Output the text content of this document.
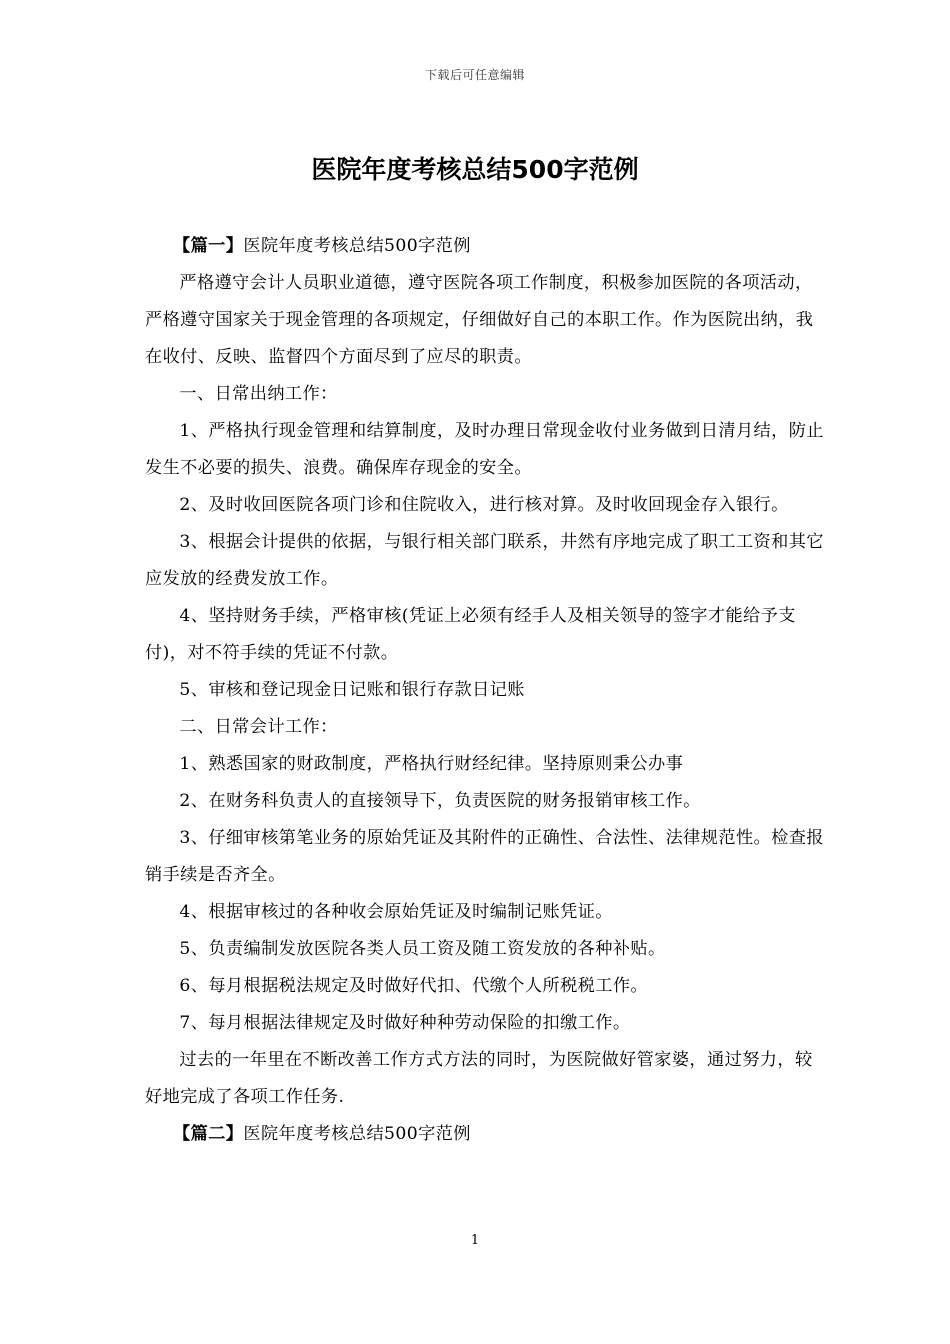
下载后可任意编辑
医院年度考核总结500字范例

【篇一】医院年度考核总结500字范例

严格遵守会计人员职业道德，遵守医院各项工作制度，积极参加医院的各项活动，严格遵守国家关于现金管理的各项规定，仔细做好自己的本职工作。作为医院出纳，我在收付、反映、监督四个方面尽到了应尽的职责。

一、日常出纳工作：

1、严格执行现金管理和结算制度，及时办理日常现金收付业务做到日清月结，防止发生不必要的损失、浪费。确保库存现金的安全。

2、及时收回医院各项门诊和住院收入，进行核对算。及时收回现金存入银行。

3、根据会计提供的依据，与银行相关部门联系，井然有序地完成了职工工资和其它应发放的经费发放工作。

4、坚持财务手续，严格审核(凭证上必须有经手人及相关领导的签字才能给予支付)，对不符手续的凭证不付款。

5、审核和登记现金日记账和银行存款日记账

二、日常会计工作：

1、熟悉国家的财政制度，严格执行财经纪律。坚持原则秉公办事

2、在财务科负责人的直接领导下，负责医院的财务报销审核工作。

3、仔细审核第笔业务的原始凭证及其附件的正确性、合法性、法律规范性。检查报销手续是否齐全。

4、根据审核过的各种收会原始凭证及时编制记账凭证。

5、负责编制发放医院各类人员工资及随工资发放的各种补贴。

6、每月根据税法规定及时做好代扣、代缴个人所税税工作。

7、每月根据法律规定及时做好种种劳动保险的扣缴工作。

过去的一年里在不断改善工作方式方法的同时，为医院做好管家婆，通过努力，较好地完成了各项工作任务.

【篇二】医院年度考核总结500字范例

1
